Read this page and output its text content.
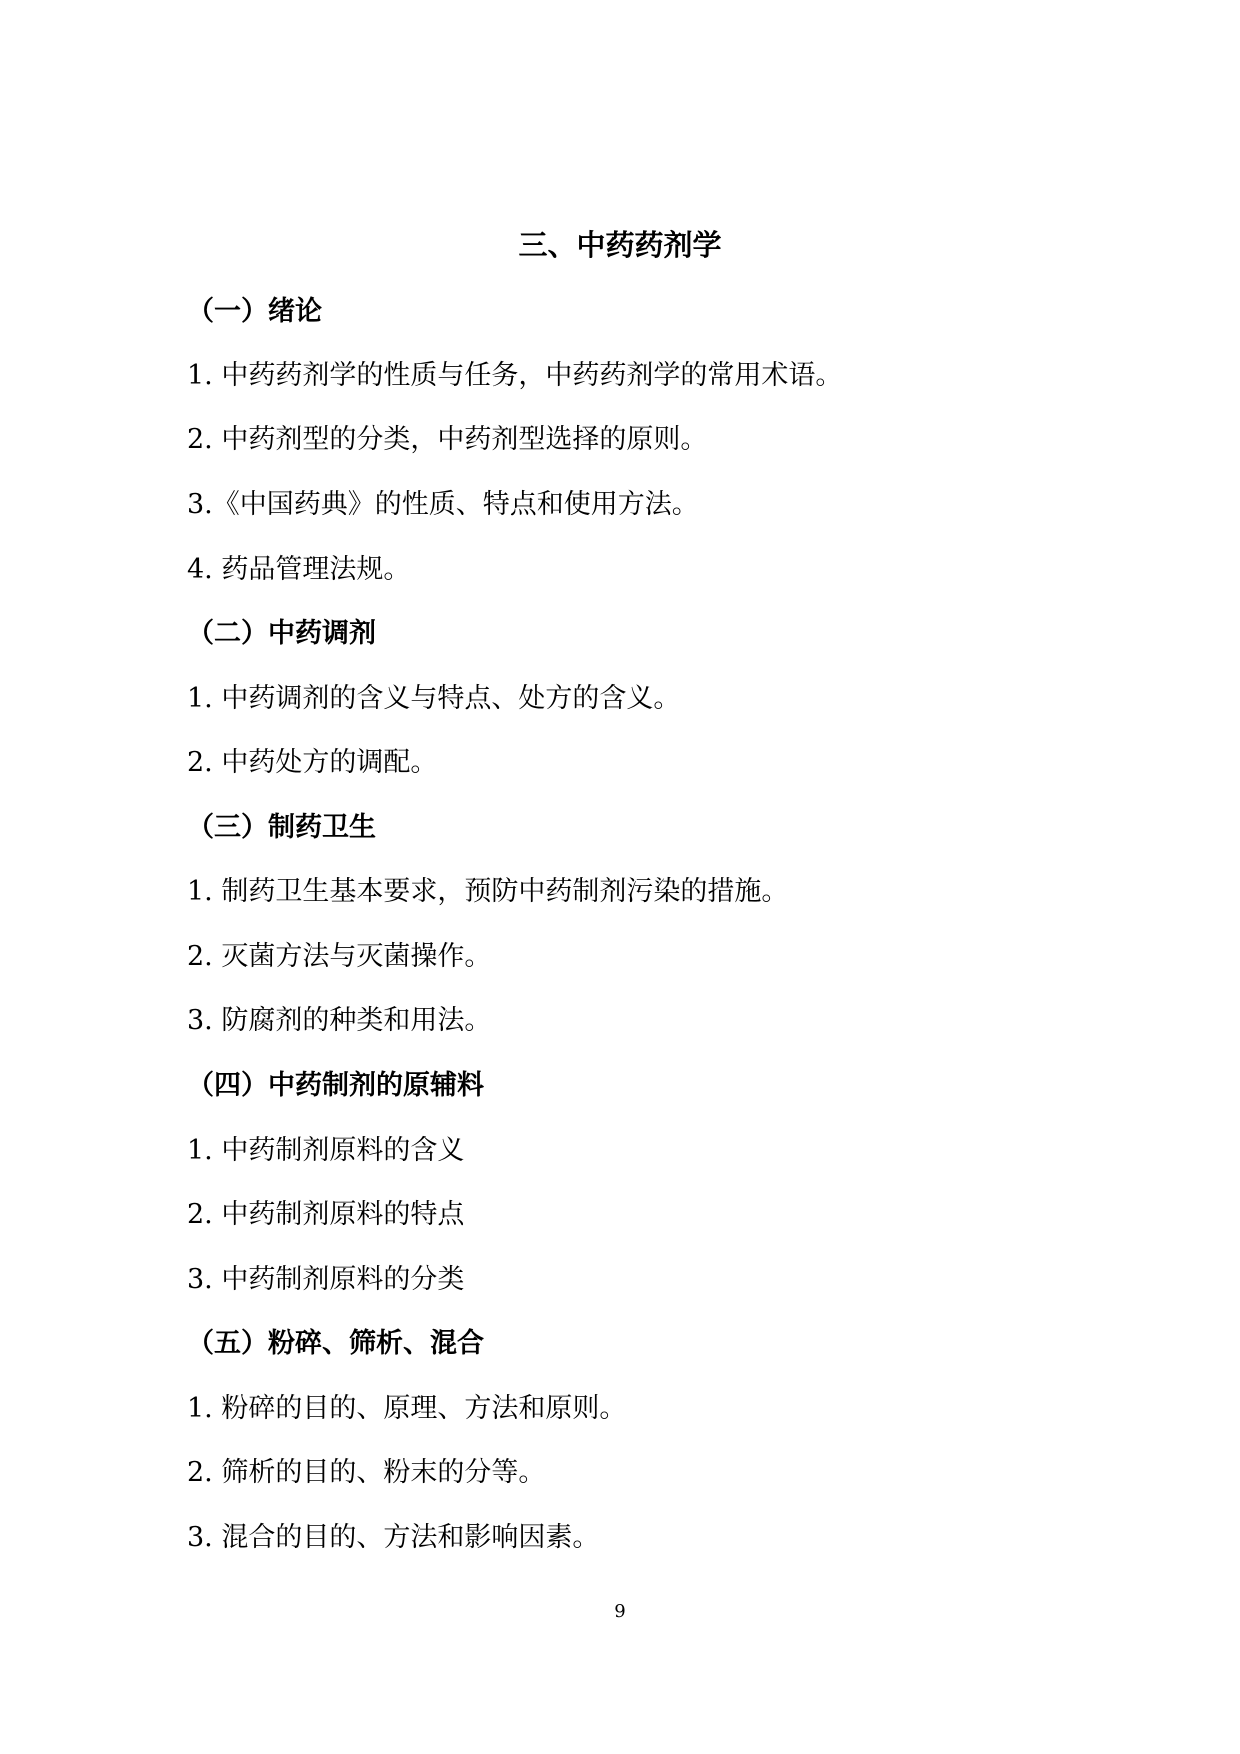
三、中药药剂学
（一）绪论
1. 中药药剂学的性质与任务，中药药剂学的常用术语。
2. 中药剂型的分类，中药剂型选择的原则。
3.《中国药典》的性质、特点和使用方法。
4. 药品管理法规。
（二）中药调剂
1. 中药调剂的含义与特点、处方的含义。
2. 中药处方的调配。
（三）制药卫生
1. 制药卫生基本要求，预防中药制剂污染的措施。
2. 灭菌方法与灭菌操作。
3. 防腐剂的种类和用法。
（四）中药制剂的原辅料
1. 中药制剂原料的含义
2. 中药制剂原料的特点
3. 中药制剂原料的分类
（五）粉碎、筛析、混合
1. 粉碎的目的、原理、方法和原则。
2. 筛析的目的、粉末的分等。
3. 混合的目的、方法和影响因素。
9
